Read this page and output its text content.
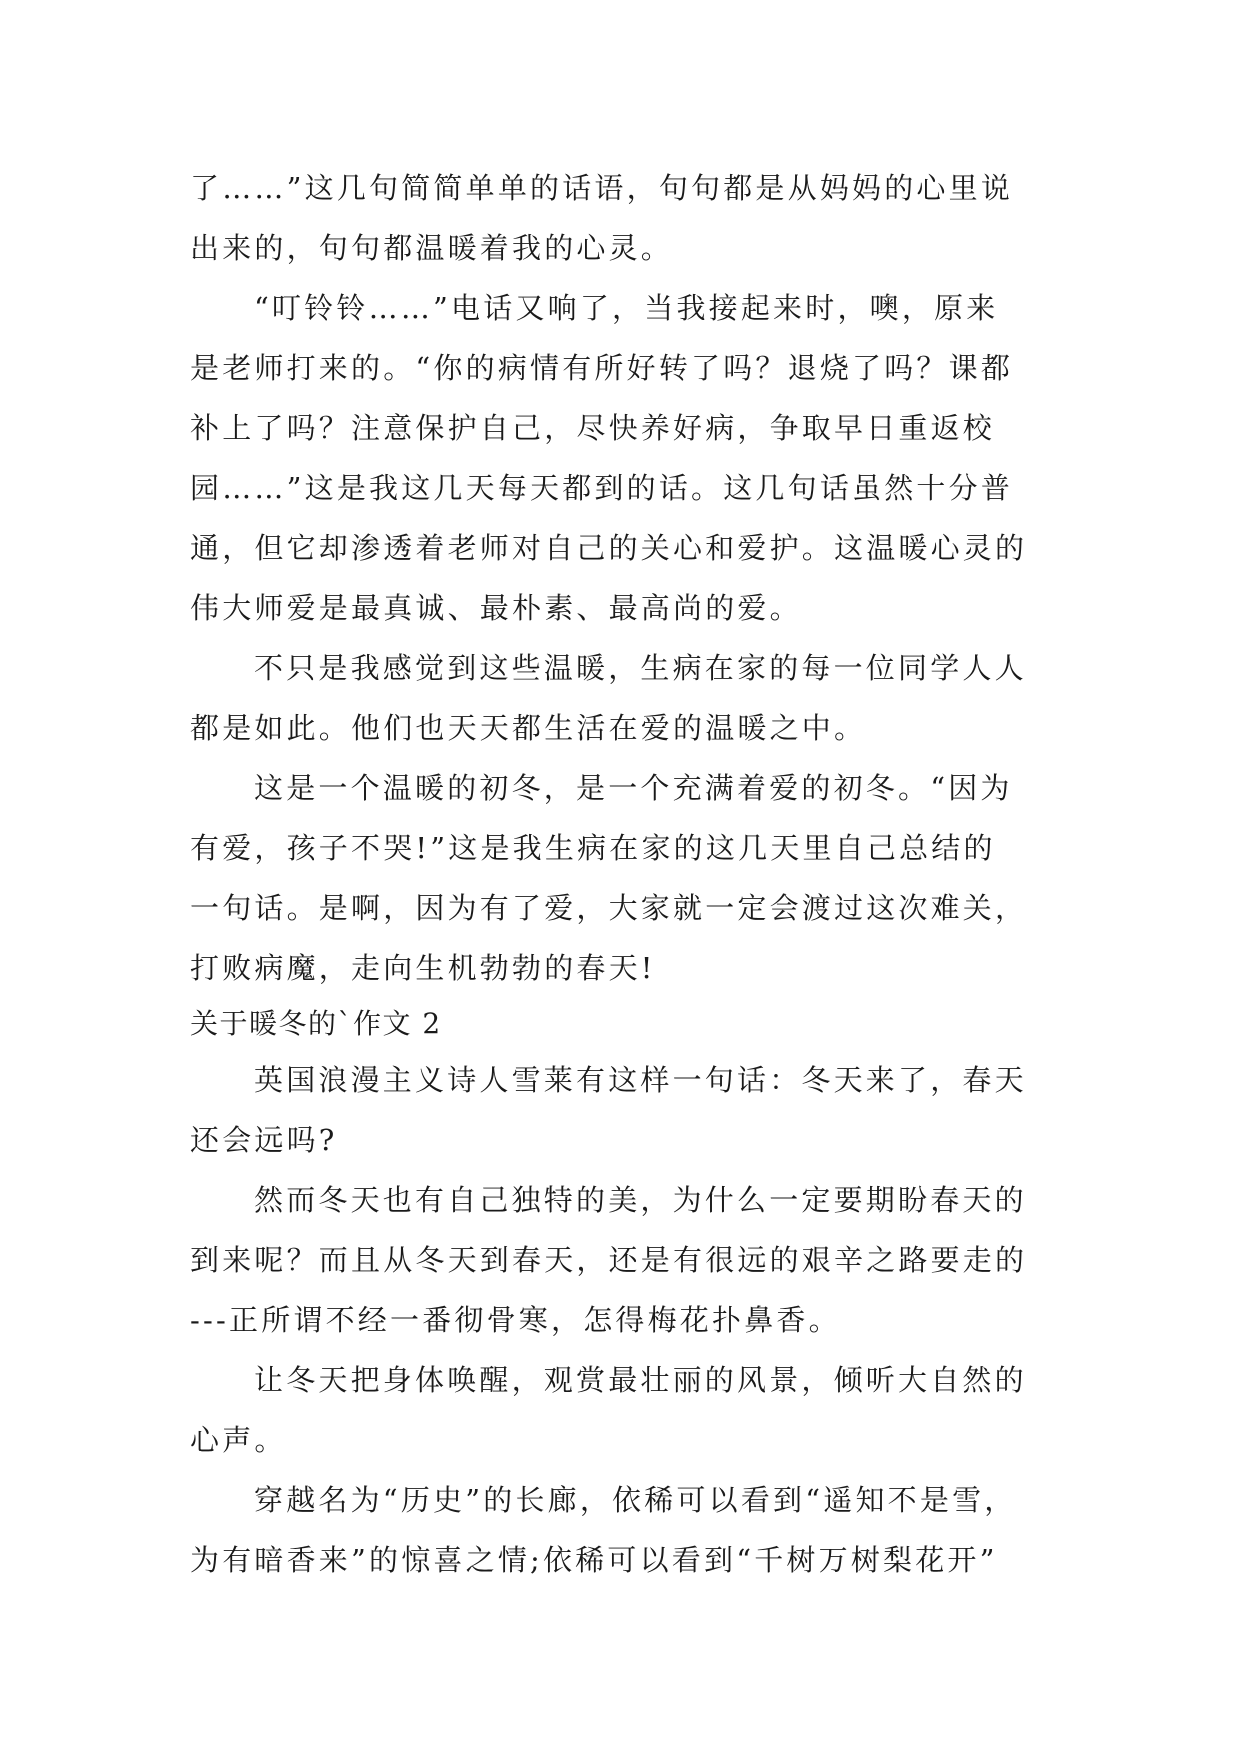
了……”这几句简简单单的话语，句句都是从妈妈的心里说
出来的，句句都温暖着我的心灵。
“叮铃铃……”电话又响了，当我接起来时，噢，原来
是老师打来的。“你的病情有所好转了吗？退烧了吗？课都
补上了吗？注意保护自己，尽快养好病，争取早日重返校
园……”这是我这几天每天都到的话。这几句话虽然十分普
通，但它却渗透着老师对自己的关心和爱护。这温暖心灵的
伟大师爱是最真诚、最朴素、最高尚的爱。
不只是我感觉到这些温暖，生病在家的每一位同学人人
都是如此。他们也天天都生活在爱的温暖之中。
这是一个温暖的初冬，是一个充满着爱的初冬。“因为
有爱，孩子不哭!”这是我生病在家的这几天里自己总结的
一句话。是啊，因为有了爱，大家就一定会渡过这次难关，
打败病魔，走向生机勃勃的春天!
关于暖冬的`作文 2
英国浪漫主义诗人雪莱有这样一句话：冬天来了，春天
还会远吗?
然而冬天也有自己独特的美，为什么一定要期盼春天的
到来呢？而且从冬天到春天，还是有很远的艰辛之路要走的
---正所谓不经一番彻骨寒，怎得梅花扑鼻香。
让冬天把身体唤醒，观赏最壮丽的风景，倾听大自然的
心声。
穿越名为“历史”的长廊，依稀可以看到“遥知不是雪，
为有暗香来”的惊喜之情;依稀可以看到“千树万树梨花开”
